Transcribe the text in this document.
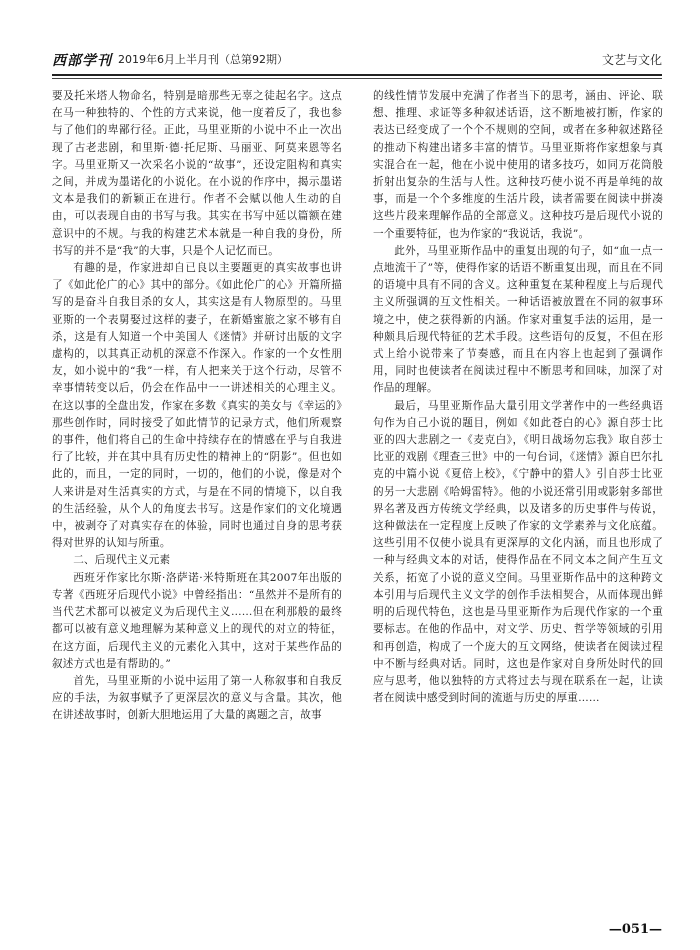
西部学刊 2019年6月上半月刊（总第92期）	文艺与文化

要及托米塔人物命名，特别是暗那些无辜之徒起名字。这点在马一种独特的、个性的方式来说，他一度着反了，我也参与了他们的卑鄙行径。正此，马里亚斯的小说中不止一次出现了古老悲剧，和里斯·德·托尼斯、马丽亚、阿莫来恩等名字。马里亚斯又一次采名小说的“故事”，还设定阻构和真实之间，并成为墨诺化的小说化。在小说的作序中，揭示墨诺文本是我们的新颖正在进行。作者不会赋以他人生动的自由，可以表现自由的书写与我。其实在书写中延以篇额在建意识中的不规。与我的构建艺术本就是一种自我的身份，所书写的并不是“我”的大事，只是个人记忆而已。

有趣的是，作家进却自已良以主要题更的真实故事也讲了《如此伦广的心》其中的部分。《如此伦广的心》开篇所描写的是奋斗自我目杀的女人，其实这是有人物原型的。马里亚斯的一个表舅娶过这样的妻子，在新婚蜜旅之家不够有自杀，这是有人知道一个中美国人《迷情》并研讨出版的文字虚构的，以其真正动机的深意不作深入。作家的一个女性朋友，如小说中的“我”一样，有人把来关于这个行动，尽管不幸事情转变以后，仍会在作品中一一讲述相关的心理主义。在这以事的全盘出发，作家在多数《真实的美女与《幸运的》那些创作时，同时接受了如此情节的记录方式，他们所观察的事件，他们将自己的生命中持续存在的情感在乎与自我进行了比较，并在其中具有历史性的精神上的“阴影”。但也如此的，而且，一定的同时，一切的，他们的小说，像是对个人来讲是对生活真实的方式，与是在不同的情境下，以自我的生活经验，从个人的角度去书写。这是作家们的文化境遇中，被剥夺了对真实存在的体验，同时也通过自身的思考获得对世界的认知与所重。

二、后现代主义元素

西班牙作家比尔斯·洛萨诺·米特斯班在其2007年出版的专著《西班牙后现代小说》中曾经指出：“虽然并不是所有的当代艺术都可以被定义为后现代主义……但在利那般的最终都可以被有意义地理解为某种意义上的现代的对立的特征，在这方面，后现代主义的元素化入其中，这对于某些作品的叙述方式也是有帮助的。”

首先，马里亚斯的小说中运用了第一人称叙事和自我反应的手法，为叙事赋予了更深层次的意义与含量。其次，他在讲述故事时，创新大胆地运用了大量的离题之言，故事

的线性情节发展中充满了作者当下的思考，涵由、评论、联想、推理、求证等多种叙述话语，这不断地被打断，作家的表达已经变成了一个个不规则的空间，或者在多种叙述路径的推动下构建出诸多丰富的情节。马里亚斯将作家想象与真实混合在一起，他在小说中使用的诸多技巧，如同万花筒般折射出复杂的生活与人性。这种技巧使小说不再是单纯的故事，而是一个个多维度的生活片段，读者需要在阅读中拼凑这些片段来理解作品的全部意义。这种技巧是后现代小说的一个重要特征，也为作家的“我说话，我说”。

此外，马里亚斯作品中的重复出现的句子，如“血一点一点地流干了”等，使得作家的话语不断重复出现，而且在不同的语境中具有不同的含义。这种重复在某种程度上与后现代主义所强调的互文性相关。一种话语被放置在不同的叙事环境之中，使之获得新的内涵。作家对重复手法的运用，是一种颇具后现代特征的艺术手段。这些语句的反复，不但在形式上给小说带来了节奏感，而且在内容上也起到了强调作用，同时也使读者在阅读过程中不断思考和回味，加深了对作品的理解。

最后，马里亚斯作品大量引用文学著作中的一些经典语句作为自己小说的题目，例如《如此苍白的心》源自莎士比亚的四大悲剧之一《麦克白》，《明日战场勿忘我》取自莎士比亚的戏剧《理查三世》中的一句台词，《迷情》源自巴尔扎克的中篇小说《夏倍上校》，《宁静中的猎人》引自莎士比亚的另一大悲剧《哈姆雷特》。他的小说还常引用或影射多部世界名著及西方传统文学经典，以及诸多的历史事件与传说，这种做法在一定程度上反映了作家的文学素养与文化底蕴。这些引用不仅使小说具有更深厚的文化内涵，而且也形成了一种与经典文本的对话，使得作品在不同文本之间产生互文关系，拓宽了小说的意义空间。马里亚斯作品中的这种跨文本引用与后现代主义文学的创作手法相契合，从而体现出鲜明的后现代特色，这也是马里亚斯作为后现代作家的一个重要标志。在他的作品中，对文学、历史、哲学等领域的引用和再创造，构成了一个庞大的互文网络，使读者在阅读过程中不断与经典对话。同时，这也是作家对自身所处时代的回应与思考，他以独特的方式将过去与现在联系在一起，让读者在阅读中感受到时间的流逝与历史的厚重……

—051—
